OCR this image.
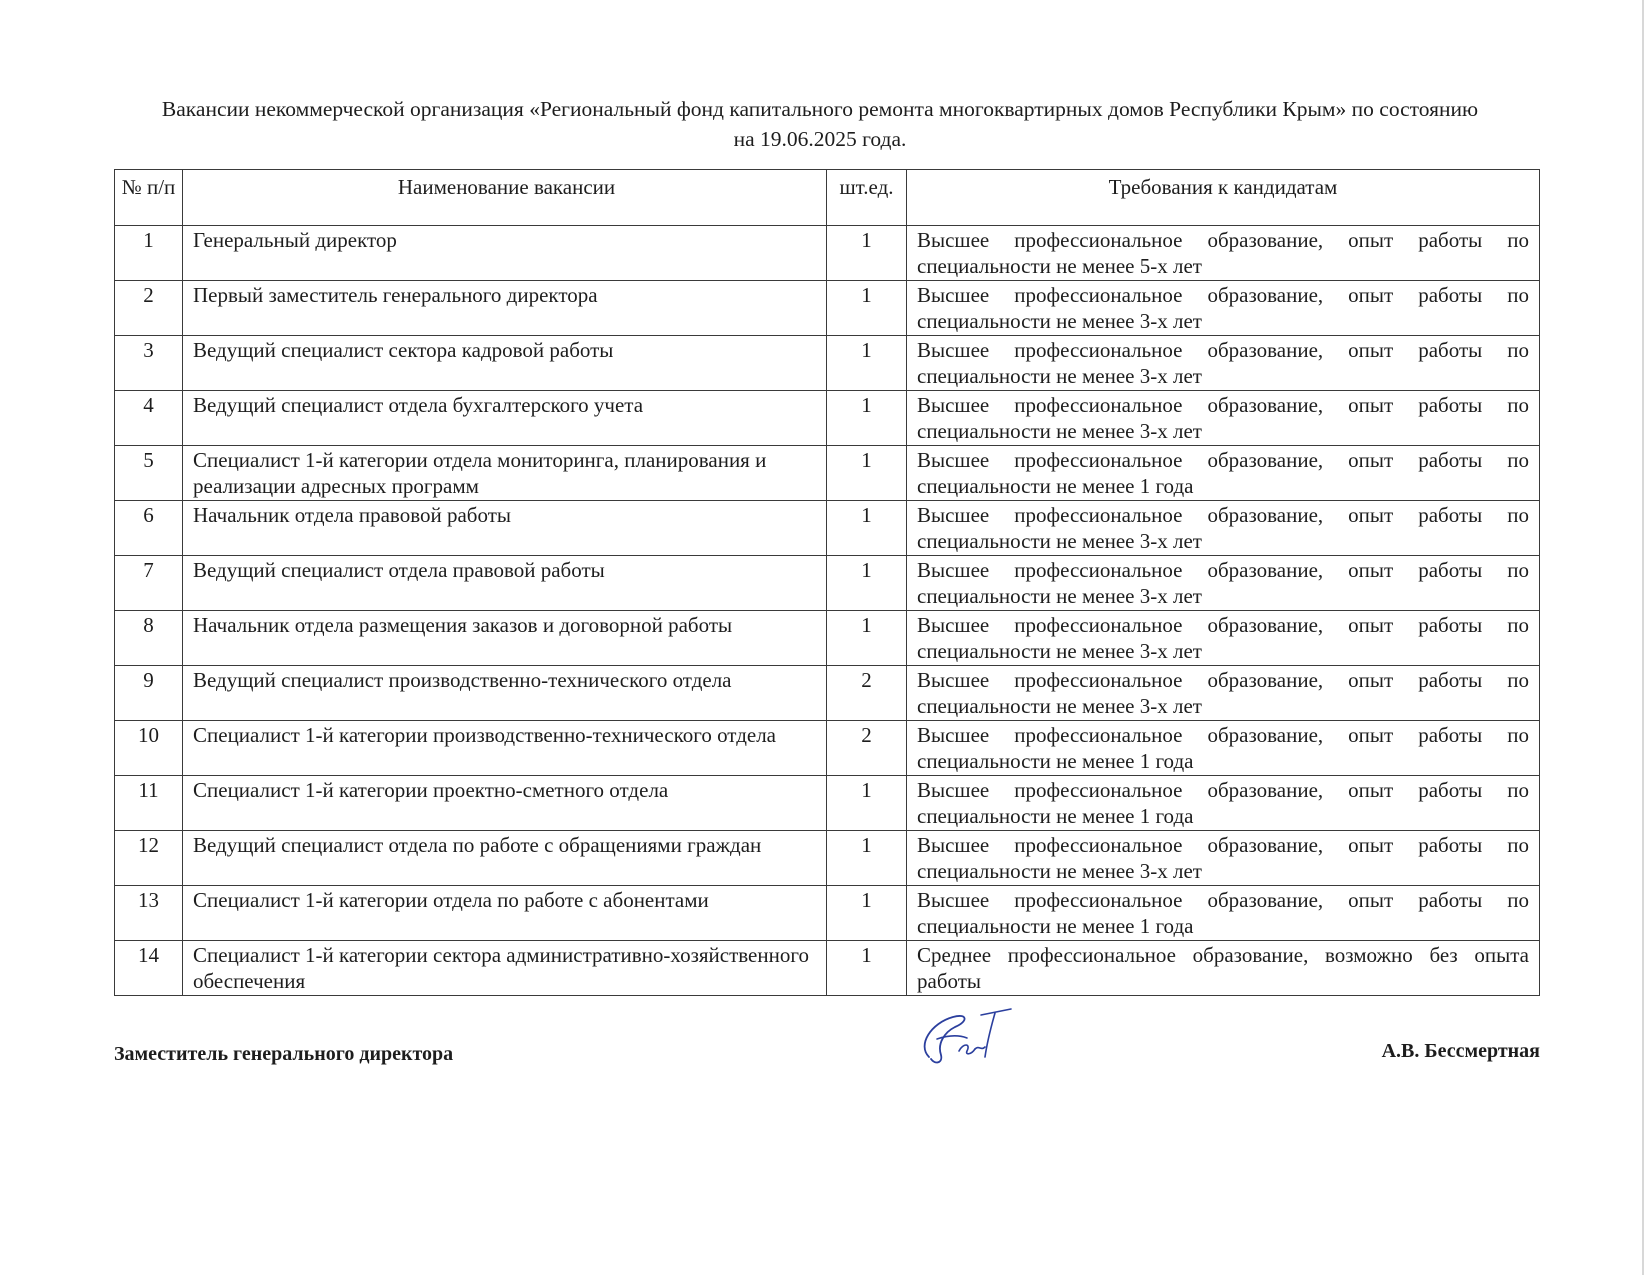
Вакансии некоммерческой организация «Региональный фонд капитального ремонта многоквартирных домов Республики Крым» по состоянию на 19.06.2025 года.
№ п/п	Наименование вакансии	шт.ед.	Требования к кандидатам
1	Генеральный директор	1	Высшее профессиональное образование, опыт работы по специальности не менее 5-х лет

2	Первый заместитель генерального директора	1	Высшее профессиональное образование, опыт работы по специальности не менее 3-х лет

3	Ведущий специалист сектора кадровой работы	1	Высшее профессиональное образование, опыт работы по специальности не менее 3-х лет

4	Ведущий специалист отдела бухгалтерского учета	1	Высшее профессиональное образование, опыт работы по специальности не менее 3-х лет

5	Специалист 1-й категории отдела мониторинга, планирования и реализации адресных программ	1	Высшее профессиональное образование, опыт работы по специальности не менее 1 года

6	Начальник отдела правовой работы	1	Высшее профессиональное образование, опыт работы по специальности не менее 3-х лет

7	Ведущий специалист отдела правовой работы	1	Высшее профессиональное образование, опыт работы по специальности не менее 3-х лет

8	Начальник отдела размещения заказов и договорной работы	1	Высшее профессиональное образование, опыт работы по специальности не менее 3-х лет

9	Ведущий специалист производственно-технического отдела	2	Высшее профессиональное образование, опыт работы по специальности не менее 3-х лет

10	Специалист 1-й категории производственно-технического отдела	2	Высшее профессиональное образование, опыт работы по специальности не менее 1 года

11	Специалист 1-й категории проектно-сметного отдела	1	Высшее профессиональное образование, опыт работы по специальности не менее 1 года

12	Ведущий специалист отдела по работе с обращениями граждан	1	Высшее профессиональное образование, опыт работы по специальности не менее 3-х лет

13	Специалист 1-й категории отдела по работе с абонентами	1	Высшее профессиональное образование, опыт работы по специальности не менее 1 года

14	Специалист 1-й категории сектора административно-хозяйственного обеспечения	1	Среднее профессиональное образование, возможно без опыта работы
Заместитель генерального директора	А.В. Бессмертная
